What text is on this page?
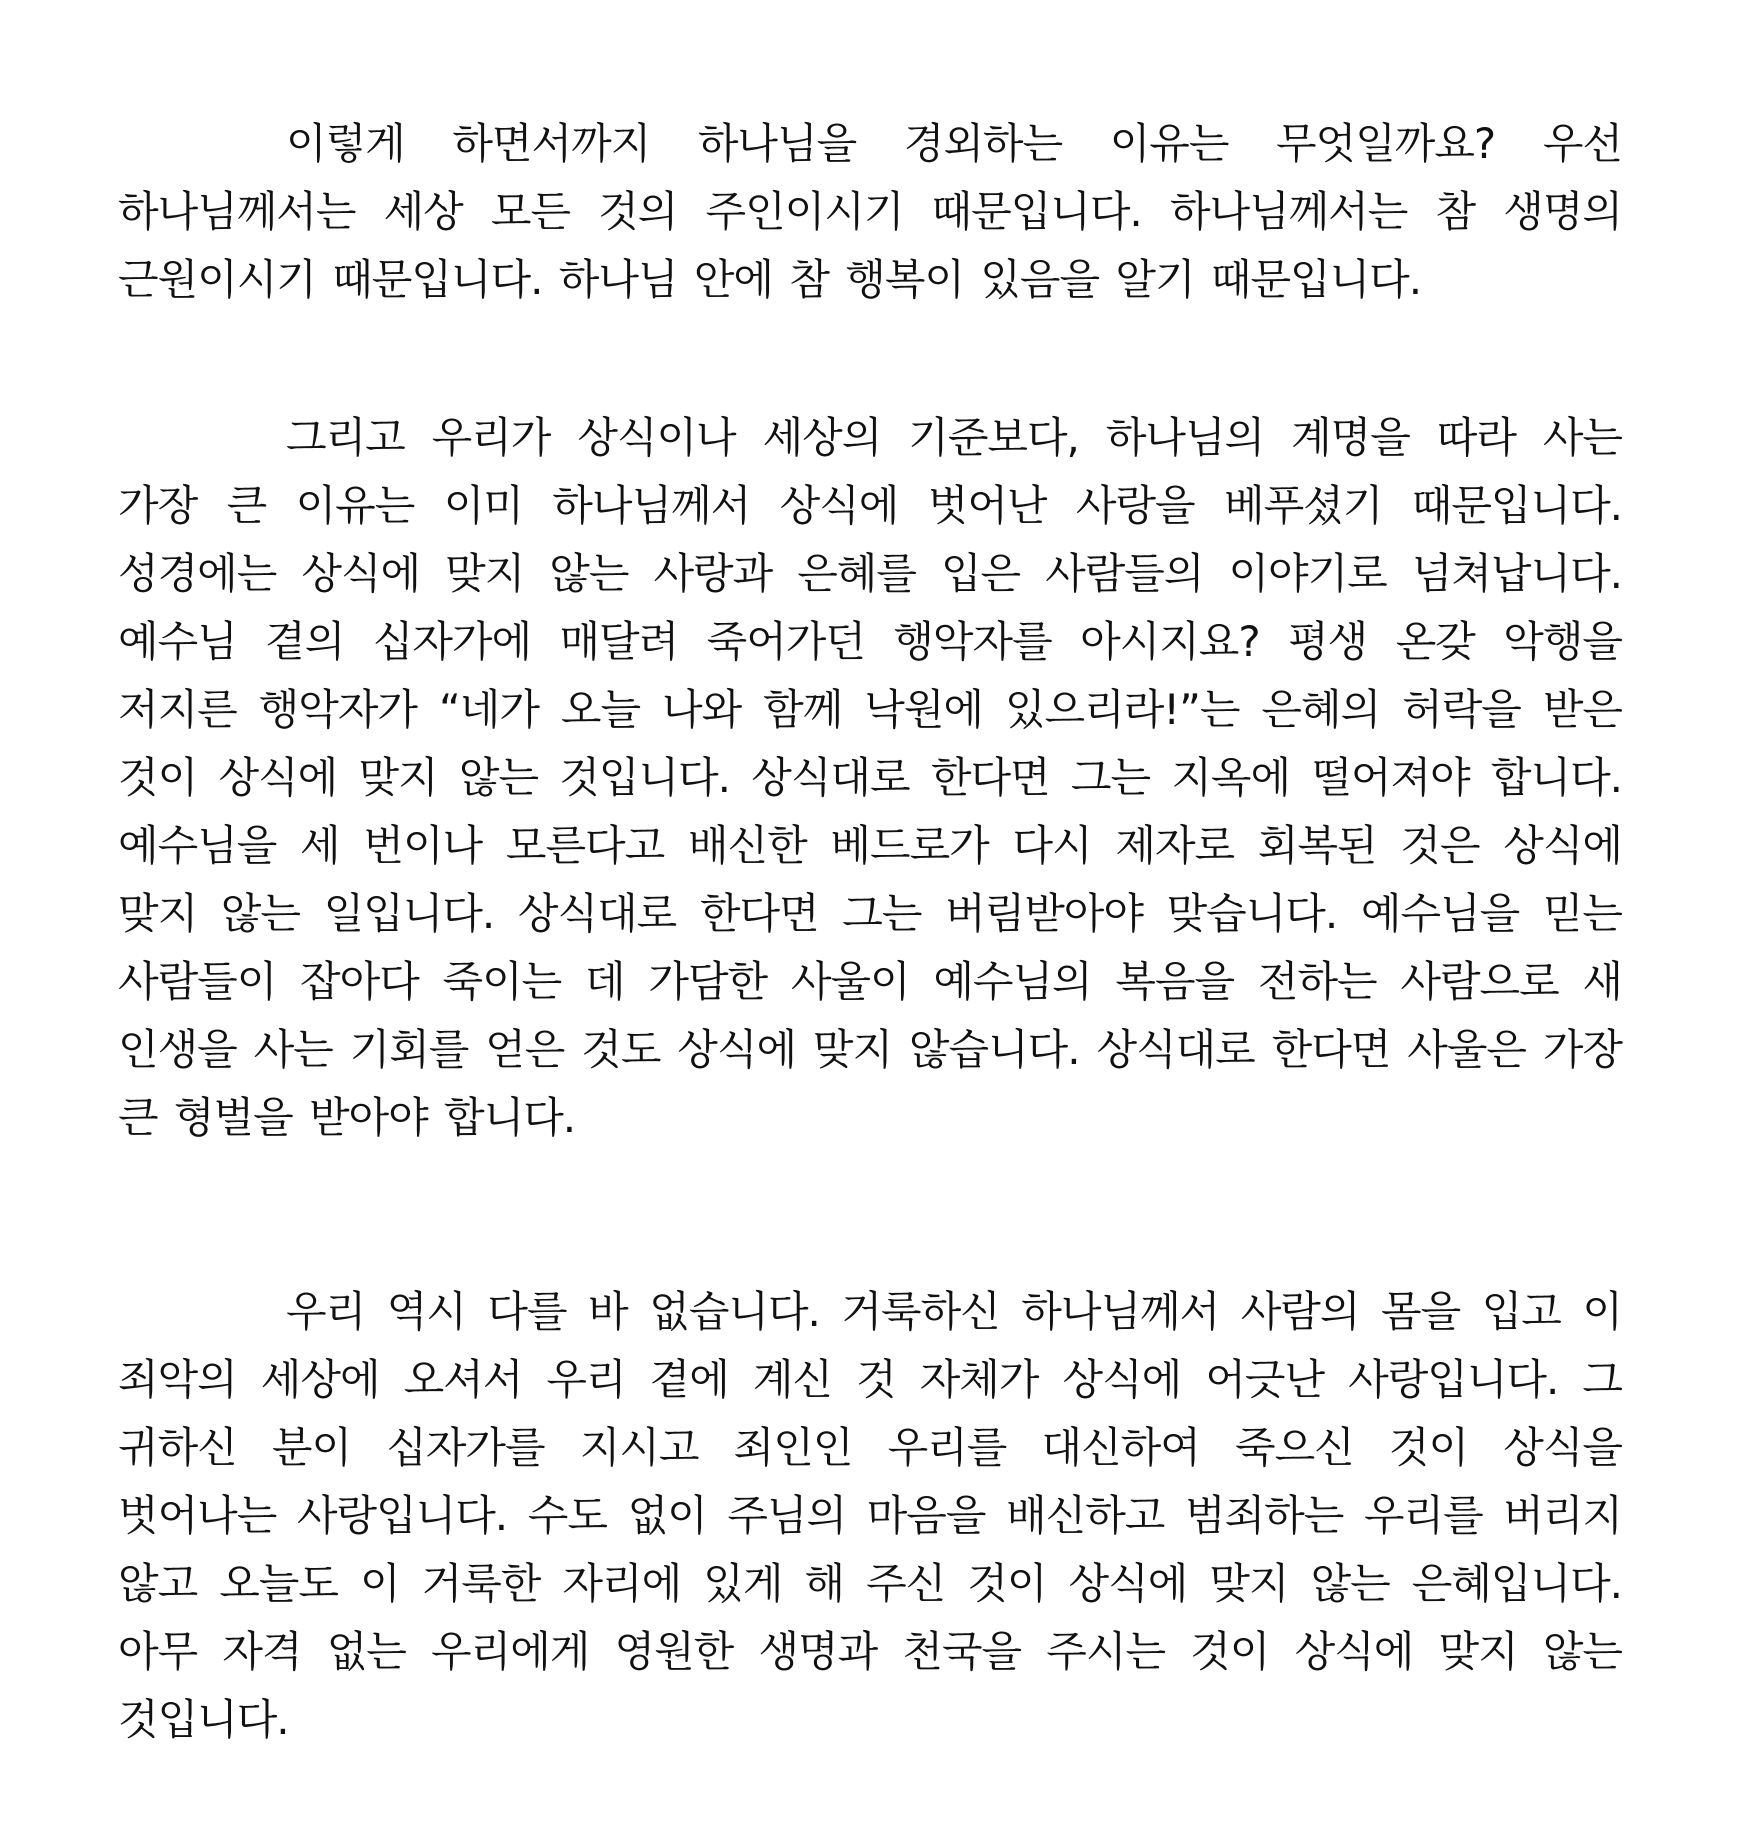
이렇게 하면서까지 하나님을 경외하는 이유는 무엇일까요? 우선 하나님께서는 세상 모든 것의 주인이시기 때문입니다. 하나님께서는 참 생명의 근원이시기 때문입니다. 하나님 안에 참 행복이 있음을 알기 때문입니다.

그리고 우리가 상식이나 세상의 기준보다, 하나님의 계명을 따라 사는 가장 큰 이유는 이미 하나님께서 상식에 벗어난 사랑을 베푸셨기 때문입니다. 성경에는 상식에 맞지 않는 사랑과 은혜를 입은 사람들의 이야기로 넘쳐납니다. 예수님 곁의 십자가에 매달려 죽어가던 행악자를 아시지요? 평생 온갖 악행을 저지른 행악자가 “네가 오늘 나와 함께 낙원에 있으리라!”는 은혜의 허락을 받은 것이 상식에 맞지 않는 것입니다. 상식대로 한다면 그는 지옥에 떨어져야 합니다. 예수님을 세 번이나 모른다고 배신한 베드로가 다시 제자로 회복된 것은 상식에 맞지 않는 일입니다. 상식대로 한다면 그는 버림받아야 맞습니다. 예수님을 믿는 사람들이 잡아다 죽이는 데 가담한 사울이 예수님의 복음을 전하는 사람으로 새 인생을 사는 기회를 얻은 것도 상식에 맞지 않습니다. 상식대로 한다면 사울은 가장 큰 형벌을 받아야 합니다.

우리 역시 다를 바 없습니다. 거룩하신 하나님께서 사람의 몸을 입고 이 죄악의 세상에 오셔서 우리 곁에 계신 것 자체가 상식에 어긋난 사랑입니다. 그 귀하신 분이 십자가를 지시고 죄인인 우리를 대신하여 죽으신 것이 상식을 벗어나는 사랑입니다. 수도 없이 주님의 마음을 배신하고 범죄하는 우리를 버리지 않고 오늘도 이 거룩한 자리에 있게 해 주신 것이 상식에 맞지 않는 은혜입니다. 아무 자격 없는 우리에게 영원한 생명과 천국을 주시는 것이 상식에 맞지 않는 것입니다.
